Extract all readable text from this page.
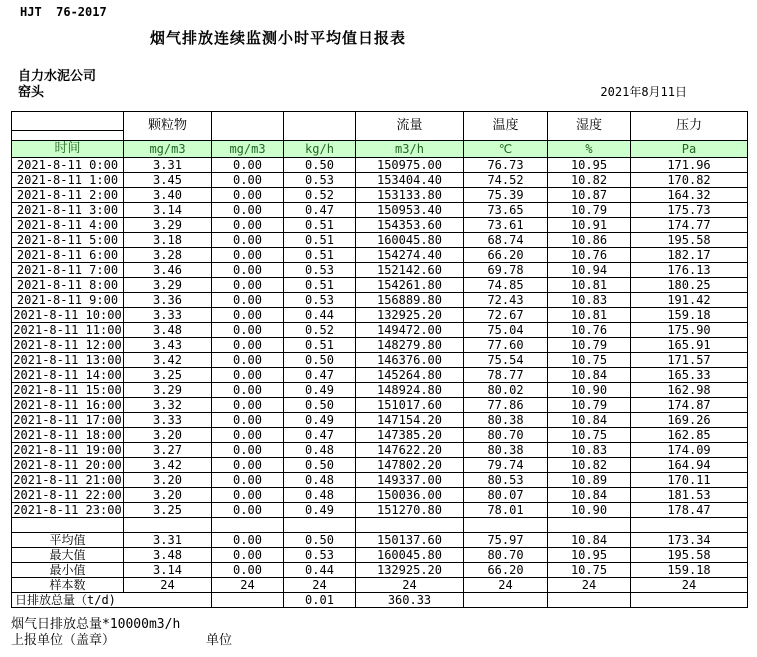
HJT  76-2017
烟气排放连续监测小时平均值日报表
自力水泥公司
窑头	2021年8月11日
	颗粒物			流量	温度	湿度	压力

时间	mg/m3	mg/m3	kg/h	m3/h	℃	%	Pa
2021-8-11 0:00	3.31	0.00	0.50	150975.00	76.73	10.95	171.96
2021-8-11 1:00	3.45	0.00	0.53	153404.40	74.52	10.82	170.82
2021-8-11 2:00	3.40	0.00	0.52	153133.80	75.39	10.87	164.32
2021-8-11 3:00	3.14	0.00	0.47	150953.40	73.65	10.79	175.73
2021-8-11 4:00	3.29	0.00	0.51	154353.60	73.61	10.91	174.77
2021-8-11 5:00	3.18	0.00	0.51	160045.80	68.74	10.86	195.58
2021-8-11 6:00	3.28	0.00	0.51	154274.40	66.20	10.76	182.17
2021-8-11 7:00	3.46	0.00	0.53	152142.60	69.78	10.94	176.13
2021-8-11 8:00	3.29	0.00	0.51	154261.80	74.85	10.81	180.25
2021-8-11 9:00	3.36	0.00	0.53	156889.80	72.43	10.83	191.42
2021-8-11 10:00	3.33	0.00	0.44	132925.20	72.67	10.81	159.18
2021-8-11 11:00	3.48	0.00	0.52	149472.00	75.04	10.76	175.90
2021-8-11 12:00	3.43	0.00	0.51	148279.80	77.60	10.79	165.91
2021-8-11 13:00	3.42	0.00	0.50	146376.00	75.54	10.75	171.57
2021-8-11 14:00	3.25	0.00	0.47	145264.80	78.77	10.84	165.33
2021-8-11 15:00	3.29	0.00	0.49	148924.80	80.02	10.90	162.98
2021-8-11 16:00	3.32	0.00	0.50	151017.60	77.86	10.79	174.87
2021-8-11 17:00	3.33	0.00	0.49	147154.20	80.38	10.84	169.26
2021-8-11 18:00	3.20	0.00	0.47	147385.20	80.70	10.75	162.85
2021-8-11 19:00	3.27	0.00	0.48	147622.20	80.38	10.83	174.09
2021-8-11 20:00	3.42	0.00	0.50	147802.20	79.74	10.82	164.94
2021-8-11 21:00	3.20	0.00	0.48	149337.00	80.53	10.89	170.11
2021-8-11 22:00	3.20	0.00	0.48	150036.00	80.07	10.84	181.53
2021-8-11 23:00	3.25	0.00	0.49	151270.80	78.01	10.90	178.47

平均值	3.31	0.00	0.50	150137.60	75.97	10.84	173.34
最大值	3.48	0.00	0.53	160045.80	80.70	10.95	195.58
最小值	3.14	0.00	0.44	132925.20	66.20	10.75	159.18
样本数	24	24	24	24	24	24	24
日排放总量（t/d)			0.01	360.33			
烟气日排放总量*10000m3/h
上报单位（盖章）	单位
